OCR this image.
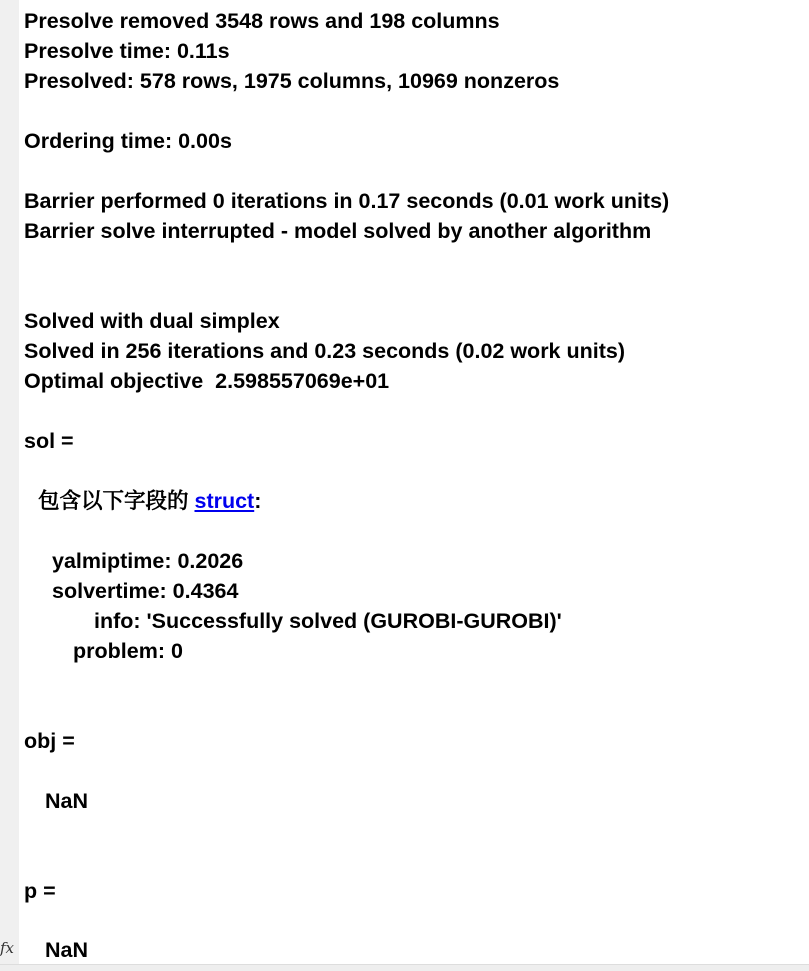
Presolve removed 3548 rows and 198 columns
Presolve time: 0.11s
Presolved: 578 rows, 1975 columns, 10969 nonzeros
Ordering time: 0.00s
Barrier performed 0 iterations in 0.17 seconds (0.01 work units)
Barrier solve interrupted - model solved by another algorithm
Solved with dual simplex
Solved in 256 iterations and 0.23 seconds (0.02 work units)
Optimal objective  2.598557069e+01
sol =
包含以下字段的 struct:
yalmiptime: 0.2026
solvertime: 0.4364
info: 'Successfully solved (GUROBI-GUROBI)'
problem: 0
obj =
NaN
p =
NaN
fx
